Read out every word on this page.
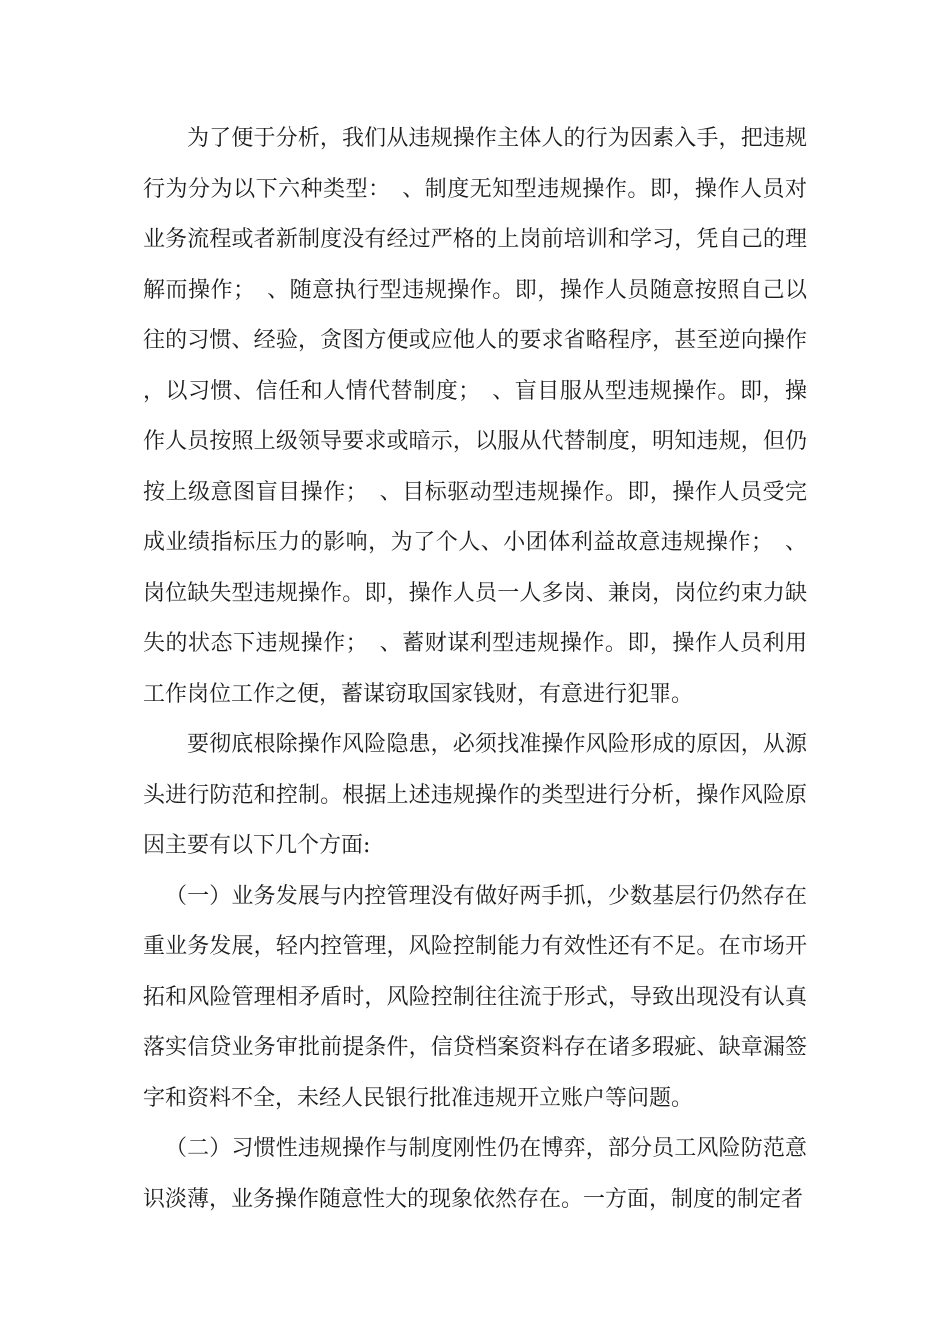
为了便于分析，我们从违规操作主体人的行为因素入手，把违规行为分为以下六种类型：　、制度无知型违规操作。即，操作人员对业务流程或者新制度没有经过严格的上岗前培训和学习，凭自己的理解而操作；　、随意执行型违规操作。即，操作人员随意按照自己以往的习惯、经验，贪图方便或应他人的要求省略程序，甚至逆向操作，以习惯、信任和人情代替制度；　、盲目服从型违规操作。即，操作人员按照上级领导要求或暗示，以服从代替制度，明知违规，但仍按上级意图盲目操作；　、目标驱动型违规操作。即，操作人员受完成业绩指标压力的影响，为了个人、小团体利益故意违规操作；　、岗位缺失型违规操作。即，操作人员一人多岗、兼岗，岗位约束力缺失的状态下违规操作；　、蓄财谋利型违规操作。即，操作人员利用工作岗位工作之便，蓄谋窃取国家钱财，有意进行犯罪。

要彻底根除操作风险隐患，必须找准操作风险形成的原因，从源头进行防范和控制。根据上述违规操作的类型进行分析，操作风险原因主要有以下几个方面:

（一）业务发展与内控管理没有做好两手抓，少数基层行仍然存在重业务发展，轻内控管理，风险控制能力有效性还有不足。在市场开拓和风险管理相矛盾时，风险控制往往流于形式，导致出现没有认真落实信贷业务审批前提条件，信贷档案资料存在诸多瑕疵、缺章漏签字和资料不全，未经人民银行批准违规开立账户等问题。

（二）习惯性违规操作与制度刚性仍在博弈，部分员工风险防范意识淡薄，业务操作随意性大的现象依然存在。一方面，制度的制定者
